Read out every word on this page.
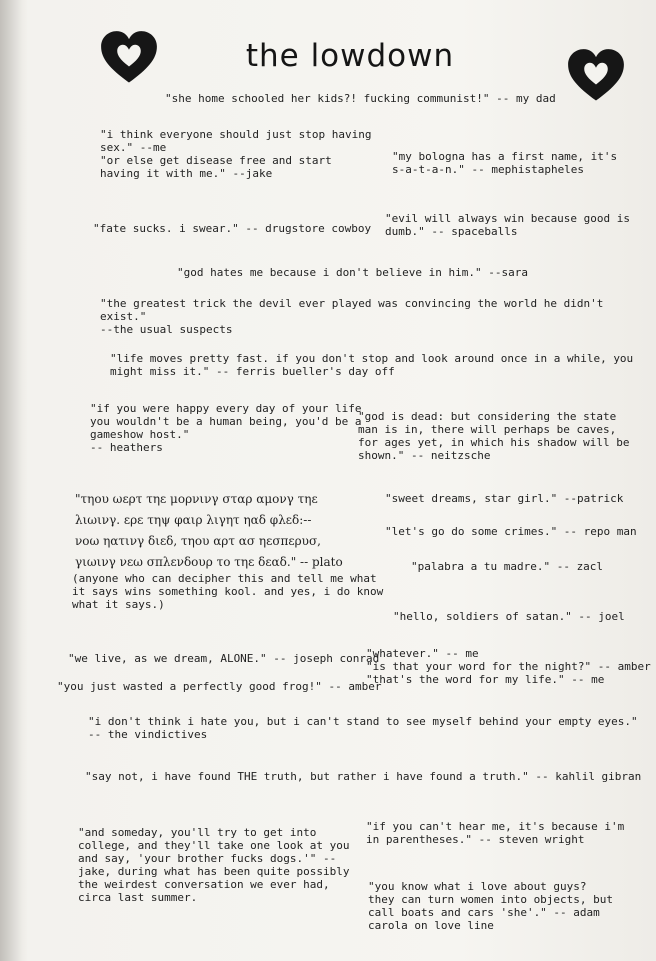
the lowdown
"she home schooled her kids?! fucking communist!" -- my dad
"i think everyone should just stop having
sex." --me
"or else get disease free and start
having it with me." --jake
"my bologna has a first name, it's
s-a-t-a-n." -- mephistapheles
"fate sucks. i swear." -- drugstore cowboy
"evil will always win because good is
dumb." -- spaceballs
"god hates me because i don't believe in him." --sara
"the greatest trick the devil ever played was convincing the world he didn't exist."
--the usual suspects
"life moves pretty fast. if you don't stop and look around once in a while, you
might miss it." -- ferris bueller's day off
"if you were happy every day of your life
you wouldn't be a human being, you'd be a
gameshow host."
-- heathers
"god is dead: but considering the state
man is in, there will perhaps be caves,
for ages yet, in which his shadow will be
shown." -- neitzsche
"τηου ωερτ τηε μορνινγ σταρ αμονγ τηε
λιωινγ. ερε τηψ φαιρ λιγητ ηαδ φλεδ:--
νοω ηατινγ διεδ, τηου αρτ ασ ηεσπερυσ,
γιωινγ νεω σπλενδουρ το τηε δεαδ." -- plato
(anyone who can decipher this and tell me what
it says wins something kool. and yes, i do know
what it says.)
"sweet dreams, star girl." --patrick
"let's go do some crimes." -- repo man
"palabra a tu madre." -- zacl
"hello, soldiers of satan." -- joel
"we live, as we dream, ALONE." -- joseph conrad
"whatever." -- me
"is that your word for the night?" -- amber
"that's the word for my life." -- me
"you just wasted a perfectly good frog!" -- amber
"i don't think i hate you, but i can't stand to see myself behind your empty eyes."
-- the vindictives
"say not, i have found THE truth, but rather i have found a truth." -- kahlil gibran
"and someday, you'll try to get into
college, and they'll take one look at you
and say, 'your brother fucks dogs.'" --
jake, during what has been quite possibly
the weirdest conversation we ever had,
circa last summer.
"if you can't hear me, it's because i'm
in parentheses." -- steven wright
"you know what i love about guys?
they can turn women into objects, but
call boats and cars 'she'." -- adam
carola on love line
